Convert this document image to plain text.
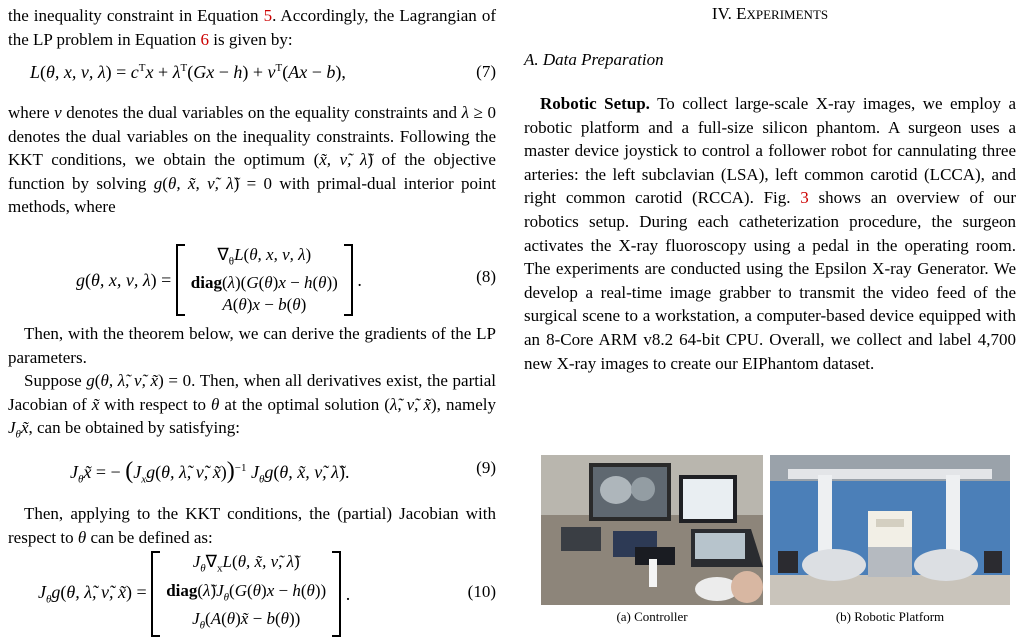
the inequality constraint in Equation 5. Accordingly, the Lagrangian of the LP problem in Equation 6 is given by:
L(θ, x, ν, $\lambda) = c^Tx + \lambda^T(Gx - h) + \nu^T(Ax - b)$,	(7)
where ν denotes the dual variables on the equality constraints and λ ≥ 0 denotes the dual variables on the inequality constraints. Following the KKT conditions, we obtain the optimum (x̃, ν̃, λ̃) of the objective function by solving g(θ, x̃, ν̃, λ̃) = 0 with primal-dual interior point methods, where
g(θ, x, ν, λ) =
$\nabla_\theta L(\theta$, x, ν, λ)
diag(λ)(G(θ)x − h(θ))
A(θ)x − b(θ)
.	(8)
Then, with the theorem below, we can derive the gradients of the LP parameters.
Suppose g(θ, λ̃, ν̃, x̃) = 0. Then, when all derivatives exist, the partial Jacobian of x̃ with respect to θ at the optimal solution (λ̃, ν̃, x̃), namely $J_\theta x̃$, can be obtained by satisfying:
$J_\theta x̃$ = − ($J_xg(\theta$, λ̃, ν̃, x̃))$^{-1}$ $J_\theta g(\theta$, x̃, ν̃, λ̃).	(9)
Then, applying to the KKT conditions, the (partial) Jacobian with respect to θ can be defined as:
$J_\theta g(\theta$, λ̃, ν̃, x̃) =
$J_\theta\nabla_xL(\theta$, x̃, ν̃, λ̃)
$diag(\lambdã)J_\theta(G(\theta)x - h(\theta))$
$J_\theta(A(\theta)x̃ - b(\theta))$
.	(10)
IV. EXPERIMENTS
A. Data Preparation
Robotic Setup. To collect large-scale X-ray images, we employ a robotic platform and a full-size silicon phantom. A surgeon uses a master device joystick to control a follower robot for cannulating three arteries: the left subclavian (LSA), left common carotid (LCCA), and right common carotid (RCCA). Fig. 3 shows an overview of our robotics setup. During each catheterization procedure, the surgeon activates the X-ray fluoroscopy using a pedal in the operating room. The experiments are conducted using the Epsilon X-ray Generator. We develop a real-time image grabber to transmit the video feed of the surgical scene to a workstation, a computer-based device equipped with an 8-Core ARM v8.2 64-bit CPU. Overall, we collect and label 4,700 new X-ray images to create our EIPhantom dataset.
(a) Controller	(b) Robotic Platform
